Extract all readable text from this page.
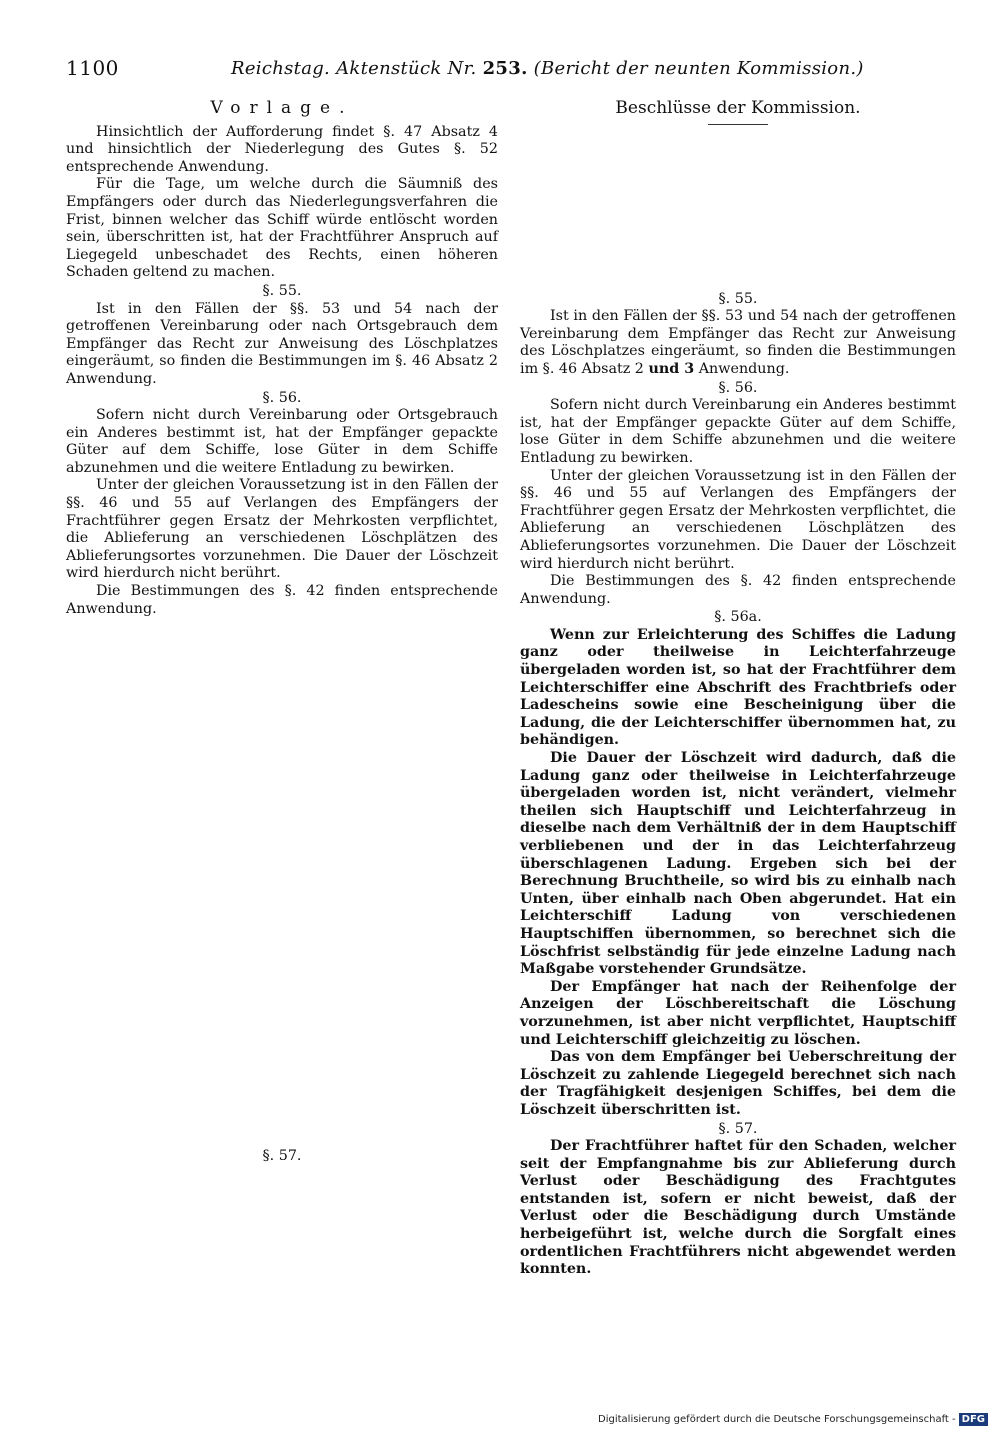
1100	Reichstag. Aktenstück Nr. 253. (Bericht der neunten Kommission.)
Vorlage.

Hinsichtlich der Aufforderung findet §. 47 Absatz 4 und hinsichtlich der Niederlegung des Gutes §. 52 entsprechende Anwendung.

Für die Tage, um welche durch die Säumniß des Empfängers oder durch das Niederlegungsverfahren die Frist, binnen welcher das Schiff würde entlöscht worden sein, überschritten ist, hat der Frachtführer Anspruch auf Liegegeld unbeschadet des Rechts, einen höheren Schaden geltend zu machen.

§. 55.

Ist in den Fällen der §§. 53 und 54 nach der getroffenen Vereinbarung oder nach Ortsgebrauch dem Empfänger das Recht zur Anweisung des Löschplatzes eingeräumt, so finden die Bestimmungen im §. 46 Absatz 2 Anwendung.

§. 56.

Sofern nicht durch Vereinbarung oder Ortsgebrauch ein Anderes bestimmt ist, hat der Empfänger gepackte Güter auf dem Schiffe, lose Güter in dem Schiffe abzunehmen und die weitere Entladung zu bewirken.

Unter der gleichen Voraussetzung ist in den Fällen der §§. 46 und 55 auf Verlangen des Empfängers der Frachtführer gegen Ersatz der Mehrkosten verpflichtet, die Ablieferung an verschiedenen Löschplätzen des Ablieferungsortes vorzunehmen. Die Dauer der Löschzeit wird hierdurch nicht berührt.

Die Bestimmungen des §. 42 finden entsprechende Anwendung.

§. 57.

Beschlüsse der Kommission.

§. 55.

Ist in den Fällen der §§. 53 und 54 nach der getroffenen Vereinbarung dem Empfänger das Recht zur Anweisung des Löschplatzes eingeräumt, so finden die Bestimmungen im §. 46 Absatz 2 und 3 Anwendung.

§. 56.

Sofern nicht durch Vereinbarung ein Anderes bestimmt ist, hat der Empfänger gepackte Güter auf dem Schiffe, lose Güter in dem Schiffe abzunehmen und die weitere Entladung zu bewirken.

Unter der gleichen Voraussetzung ist in den Fällen der §§. 46 und 55 auf Verlangen des Empfängers der Frachtführer gegen Ersatz der Mehrkosten verpflichtet, die Ablieferung an verschiedenen Löschplätzen des Ablieferungsortes vorzunehmen. Die Dauer der Löschzeit wird hierdurch nicht berührt.

Die Bestimmungen des §. 42 finden entsprechende Anwendung.

§. 56a.

Wenn zur Erleichterung des Schiffes die Ladung ganz oder theilweise in Leichterfahrzeuge übergeladen worden ist, so hat der Frachtführer dem Leichterschiffer eine Abschrift des Frachtbriefs oder Ladescheins sowie eine Bescheinigung über die Ladung, die der Leichterschiffer übernommen hat, zu behändigen.

Die Dauer der Löschzeit wird dadurch, daß die Ladung ganz oder theilweise in Leichterfahrzeuge übergeladen worden ist, nicht verändert, vielmehr theilen sich Hauptschiff und Leichterfahrzeug in dieselbe nach dem Verhältniß der in dem Hauptschiff verbliebenen und der in das Leichterfahrzeug überschlagenen Ladung. Ergeben sich bei der Berechnung Bruchtheile, so wird bis zu einhalb nach Unten, über einhalb nach Oben abgerundet. Hat ein Leichterschiff Ladung von verschiedenen Hauptschiffen übernommen, so berechnet sich die Löschfrist selbständig für jede einzelne Ladung nach Maßgabe vorstehender Grundsätze.

Der Empfänger hat nach der Reihenfolge der Anzeigen der Löschbereitschaft die Löschung vorzunehmen, ist aber nicht verpflichtet, Hauptschiff und Leichterschiff gleichzeitig zu löschen.

Das von dem Empfänger bei Ueberschreitung der Löschzeit zu zahlende Liegegeld berechnet sich nach der Tragfähigkeit desjenigen Schiffes, bei dem die Löschzeit überschritten ist.

§. 57.

Der Frachtführer haftet für den Schaden, welcher seit der Empfangnahme bis zur Ablieferung durch Verlust oder Beschädigung des Frachtgutes entstanden ist, sofern er nicht beweist, daß der Verlust oder die Beschädigung durch Umstände herbeigeführt ist, welche durch die Sorgfalt eines ordentlichen Frachtführers nicht abgewendet werden konnten.

Digitalisierung gefördert durch die Deutsche Forschungsgemeinschaft - DFG
